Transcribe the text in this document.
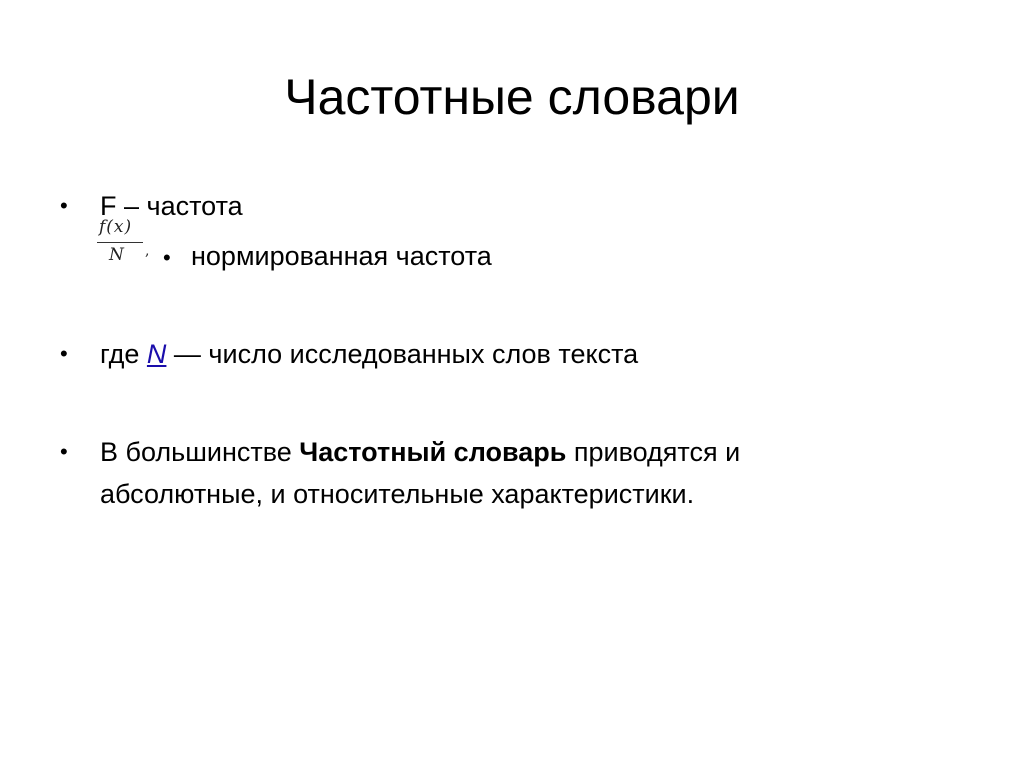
Частотные словари
• F – частота
f(x)
N , • нормированная частота
• где N — число исследованных слов текста
• В большинстве Частотный словарь приводятся и абсолютные, и относительные характеристики.
